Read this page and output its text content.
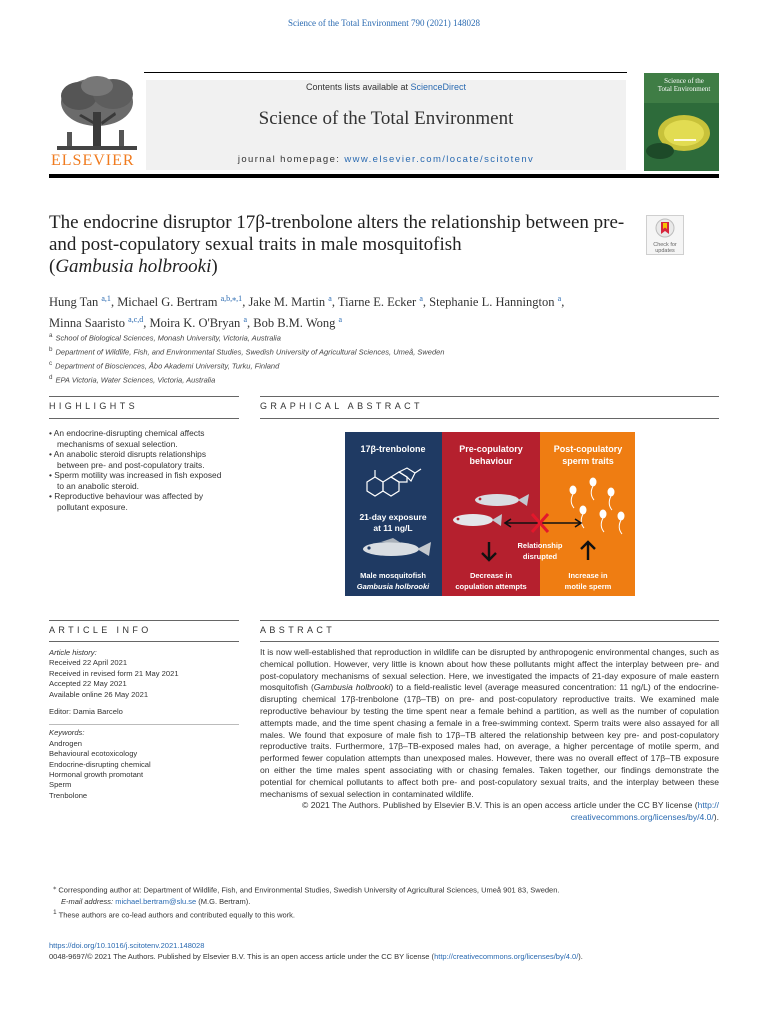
Science of the Total Environment 790 (2021) 148028
ELSEVIER
Contents lists available at ScienceDirect
Science of the Total Environment
journal homepage: www.elsevier.com/locate/scitotenv
Science of the
Total Environment
The endocrine disruptor 17β-trenbolone alters the relationship between pre- and post-copulatory sexual traits in male mosquitofish
(Gambusia holbrooki)
Check for
updates
Hung Tan $^{a,1}$, Michael G. Bertram $^{a,b,⁎,1}$, Jake M. Martin $^a$, Tiarne E. Ecker $^a$, Stephanie L. Hannington $^a$,
Minna Saaristo $^{a,c,d}$, Moira K. O'Bryan $^a$, Bob B.M. Wong $^a$
$^a$ School of Biological Sciences, Monash University, Victoria, Australia
$^b$ Department of Wildlife, Fish, and Environmental Studies, Swedish University of Agricultural Sciences, Umeå, Sweden
$^c$ Department of Biosciences, Åbo Akademi University, Turku, Finland
$^d$ EPA Victoria, Water Sciences, Victoria, Australia
HIGHLIGHTS	GRAPHICAL ABSTRACT
• An endocrine-disrupting chemical affects mechanisms of sexual selection.
• An anabolic steroid disrupts relationships between pre- and post-copulatory traits.
• Sperm motility was increased in fish exposed to an anabolic steroid.
• Reproductive behaviour was affected by pollutant exposure.
17β-trenbolone
21-day exposure
at 11 ng/L
Male mosquitofish
Gambusia holbrooki
Pre-copulatory
behaviour
Decrease in
copulation attempts
Post-copulatory
sperm traits
Increase in
motile sperm
Relationship
disrupted
ARTICLE INFO	ABSTRACT
Article history:
Received 22 April 2021
Received in revised form 21 May 2021
Accepted 22 May 2021
Available online 26 May 2021
Editor: Damia Barcelo
Keywords:
Androgen
Behavioural ecotoxicology
Endocrine-disrupting chemical
Hormonal growth promotant
Sperm
Trenbolone

It is now well-established that reproduction in wildlife can be disrupted by anthropogenic environmental changes, such as chemical pollution. However, very little is known about how these pollutants might affect the interplay between pre- and post-copulatory mechanisms of sexual selection. Here, we investigated the impacts of 21-day exposure of male eastern mosquitofish (Gambusia holbrooki) to a field-realistic level (average measured concentration: 11 ng/L) of the endocrine-disrupting chemical 17β-trenbolone (17β–TB) on pre- and post-copulatory reproductive traits. We examined male reproductive behaviour by testing the time spent near a female behind a partition, as well as the number of copulation attempts made, and the time spent chasing a female in a free-swimming context. Sperm traits were also assayed for all males. We found that exposure of male fish to 17β–TB altered the relationship between key pre- and post-copulatory reproductive traits. Furthermore, 17β–TB-exposed males had, on average, a higher percentage of motile sperm, and performed fewer copulation attempts than unexposed males. However, there was no overall effect of 17β–TB exposure on either the time males spent associating with or chasing females. Taken together, our findings demonstrate the potential for chemical pollutants to affect both pre- and post-copulatory sexual traits, and the interplay between these mechanisms of sexual selection in contaminated wildlife.

© 2021 The Authors. Published by Elsevier B.V. This is an open access article under the CC BY license (http://
creativecommons.org/licenses/by/4.0/).

⁎ Corresponding author at: Department of Wildlife, Fish, and Environmental Studies, Swedish University of Agricultural Sciences, Umeå 901 83, Sweden.
E-mail address: michael.bertram@slu.se (M.G. Bertram).
$^1$ These authors are co-lead authors and contributed equally to this work.
https://doi.org/10.1016/j.scitotenv.2021.148028
0048-9697/© 2021 The Authors. Published by Elsevier B.V. This is an open access article under the CC BY license (http://creativecommons.org/licenses/by/4.0/).
